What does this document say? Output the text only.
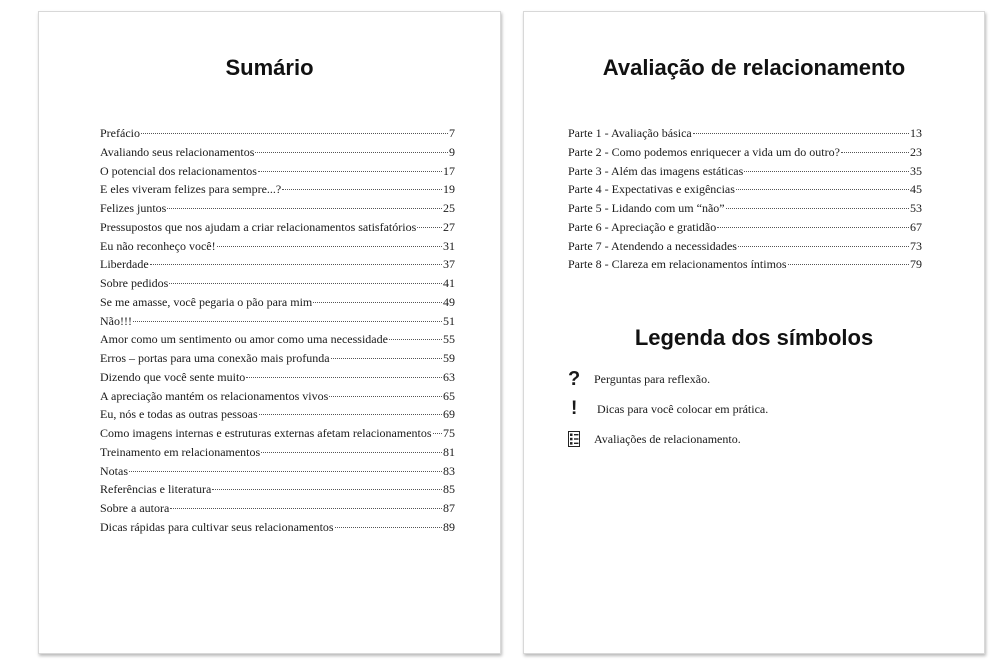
Sumário
Prefácio	7
Avaliando seus relacionamentos	9
O potencial dos relacionamentos	17
E eles viveram felizes para sempre...?	19
Felizes juntos	25
Pressupostos que nos ajudam a criar relacionamentos satisfatórios 27
Eu não reconheço você!	31
Liberdade	37
Sobre pedidos	41
Se me amasse, você pegaria o pão para mim	49
Não!!!	51
Amor como um sentimento ou amor como uma necessidade	55
Erros – portas para uma conexão mais profunda	59
Dizendo que você sente muito	63
A apreciação mantém os relacionamentos vivos	65
Eu, nós e todas as outras pessoas	69
Como imagens internas e estruturas externas afetam relacionamentos 75
Treinamento em relacionamentos	81
Notas	83
Referências e literatura	85
Sobre a autora	87
Dicas rápidas para cultivar seus relacionamentos	89
Avaliação de relacionamento
Parte 1 - Avaliação básica	13
Parte 2 - Como podemos enriquecer a vida um do outro?	23
Parte 3 - Além das imagens estáticas	35
Parte 4 - Expectativas e exigências	45
Parte 5 - Lidando com um “não”	53
Parte 6 - Apreciação e gratidão	67
Parte 7 - Atendendo a necessidades	73
Parte 8 - Clareza em relacionamentos íntimos	79
Legenda dos símbolos
?	Perguntas para reflexão.
!	Dicas para você colocar em prática.
Avaliações de relacionamento.
